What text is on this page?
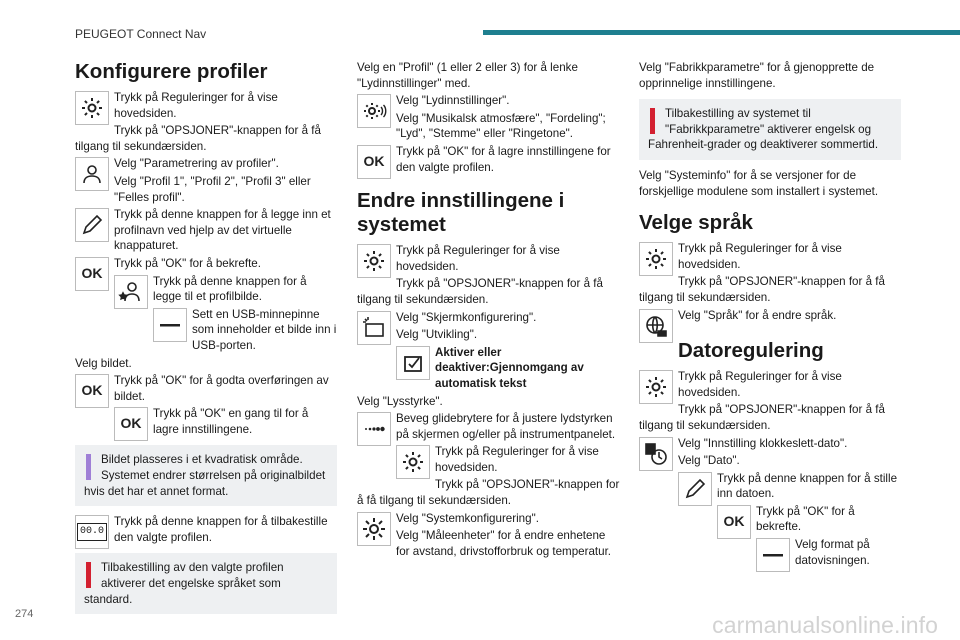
PEUGEOT Connect Nav
Konfigurere profiler
Trykk på Reguleringer for å vise hovedsiden.

Trykk på "OPSJONER"-knappen for å få tilgang til sekundærsiden.

Velg "Parametrering av profiler".

Velg "Profil 1", "Profil 2", "Profil 3" eller "Felles profil".

Trykk på denne knappen for å legge inn et profilnavn ved hjelp av det virtuelle knappaturet.
OK
Trykk på "OK" for å bekrefte.
Trykk på denne knappen for å legge til et profilbilde.
Sett en USB-minnepinne som inneholder et bilde inn i USB-porten.

Velg bildet.

OK
Trykk på "OK" for å godta overføringen av bildet.
OK
Trykk på "OK" en gang til for å lagre innstillingene.
Bildet plasseres i et kvadratisk område. Systemet endrer størrelsen på originalbildet hvis det har et annet format.
00.0
Trykk på denne knappen for å tilbakestille den valgte profilen.
Tilbakestilling av den valgte profilen aktiverer det engelske språket som standard.

Velg en "Profil" (1 eller 2 eller 3) for å lenke "Lydinnstillinger" med.

Velg "Lydinnstillinger".

Velg "Musikalsk atmosfære", "Fordeling"; "Lyd", "Stemme" eller "Ringetone".

OK
Trykk på "OK" for å lagre innstillingene for den valgte profilen.
Endre innstillingene i systemet
Trykk på Reguleringer for å vise hovedsiden.

Trykk på "OPSJONER"-knappen for å få tilgang til sekundærsiden.

Velg "Skjermkonfigurering".

Velg "Utvikling".

Aktiver eller deaktiver:Gjennomgang av automatisk tekst

Velg "Lysstyrke".

Beveg glidebrytere for å justere lydstyrken på skjermen og/eller på instrumentpanelet.
Trykk på Reguleringer for å vise hovedsiden.

Trykk på "OPSJONER"-knappen for å få tilgang til sekundærsiden.

Velg "Systemkonfigurering".

Velg "Måleenheter" for å endre enhetene for avstand, drivstofforbruk og temperatur.

Velg "Fabrikkparametre" for å gjenopprette de opprinnelige innstillingene.

Tilbakestilling av systemet til "Fabrikkparametre" aktiverer engelsk og Fahrenheit-grader og deaktiverer sommertid.

Velg "Systeminfo" for å se versjoner for de forskjellige modulene som installert i systemet.

Velge språk
Trykk på Reguleringer for å vise hovedsiden.

Trykk på "OPSJONER"-knappen for å få tilgang til sekundærsiden.

Velg "Språk" for å endre språk.
Datoregulering
Trykk på Reguleringer for å vise hovedsiden.

Trykk på "OPSJONER"-knappen for å få tilgang til sekundærsiden.

Velg "Innstilling klokkeslett-dato".

Velg "Dato".

Trykk på denne knappen for å stille inn datoen.
OK
Trykk på "OK" for å bekrefte.
Velg format på datovisningen.
274	carmanualsonline.info
